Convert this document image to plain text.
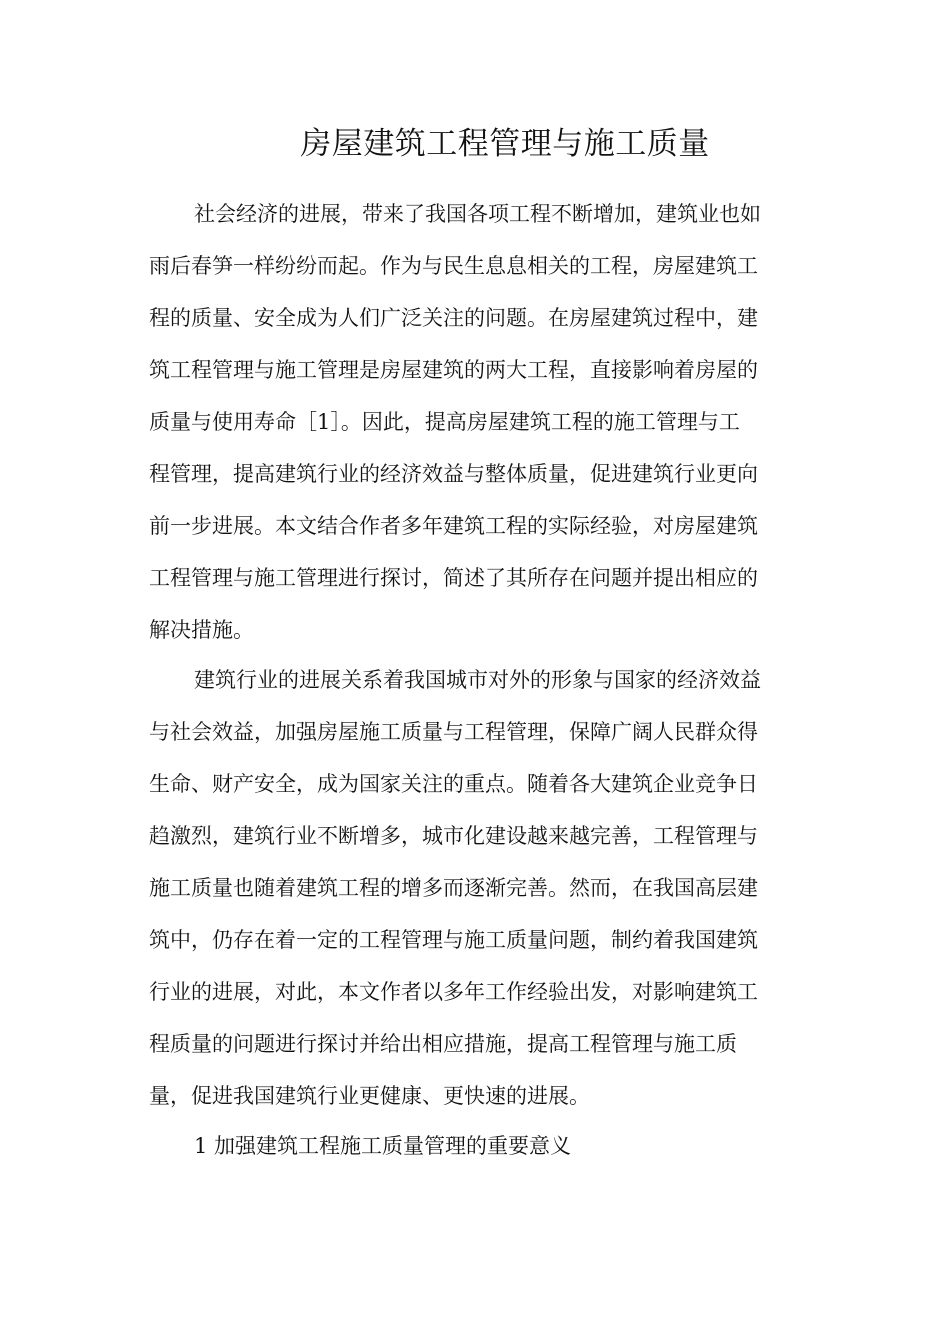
房屋建筑工程管理与施工质量

社会经济的进展，带来了我国各项工程不断增加，建筑业也如

雨后春笋一样纷纷而起。作为与民生息息相关的工程，房屋建筑工

程的质量、安全成为人们广泛关注的问题。在房屋建筑过程中，建

筑工程管理与施工管理是房屋建筑的两大工程，直接影响着房屋的

质量与使用寿命［1］。因此，提高房屋建筑工程的施工管理与工

程管理，提高建筑行业的经济效益与整体质量，促进建筑行业更向

前一步进展。本文结合作者多年建筑工程的实际经验，对房屋建筑

工程管理与施工管理进行探讨，简述了其所存在问题并提出相应的

解决措施。

建筑行业的进展关系着我国城市对外的形象与国家的经济效益

与社会效益，加强房屋施工质量与工程管理，保障广阔人民群众得

生命、财产安全，成为国家关注的重点。随着各大建筑企业竞争日

趋激烈，建筑行业不断增多，城市化建设越来越完善，工程管理与

施工质量也随着建筑工程的增多而逐渐完善。然而，在我国高层建

筑中，仍存在着一定的工程管理与施工质量问题，制约着我国建筑

行业的进展，对此，本文作者以多年工作经验出发，对影响建筑工

程质量的问题进行探讨并给出相应措施，提高工程管理与施工质

量，促进我国建筑行业更健康、更快速的进展。

1 加强建筑工程施工质量管理的重要意义
